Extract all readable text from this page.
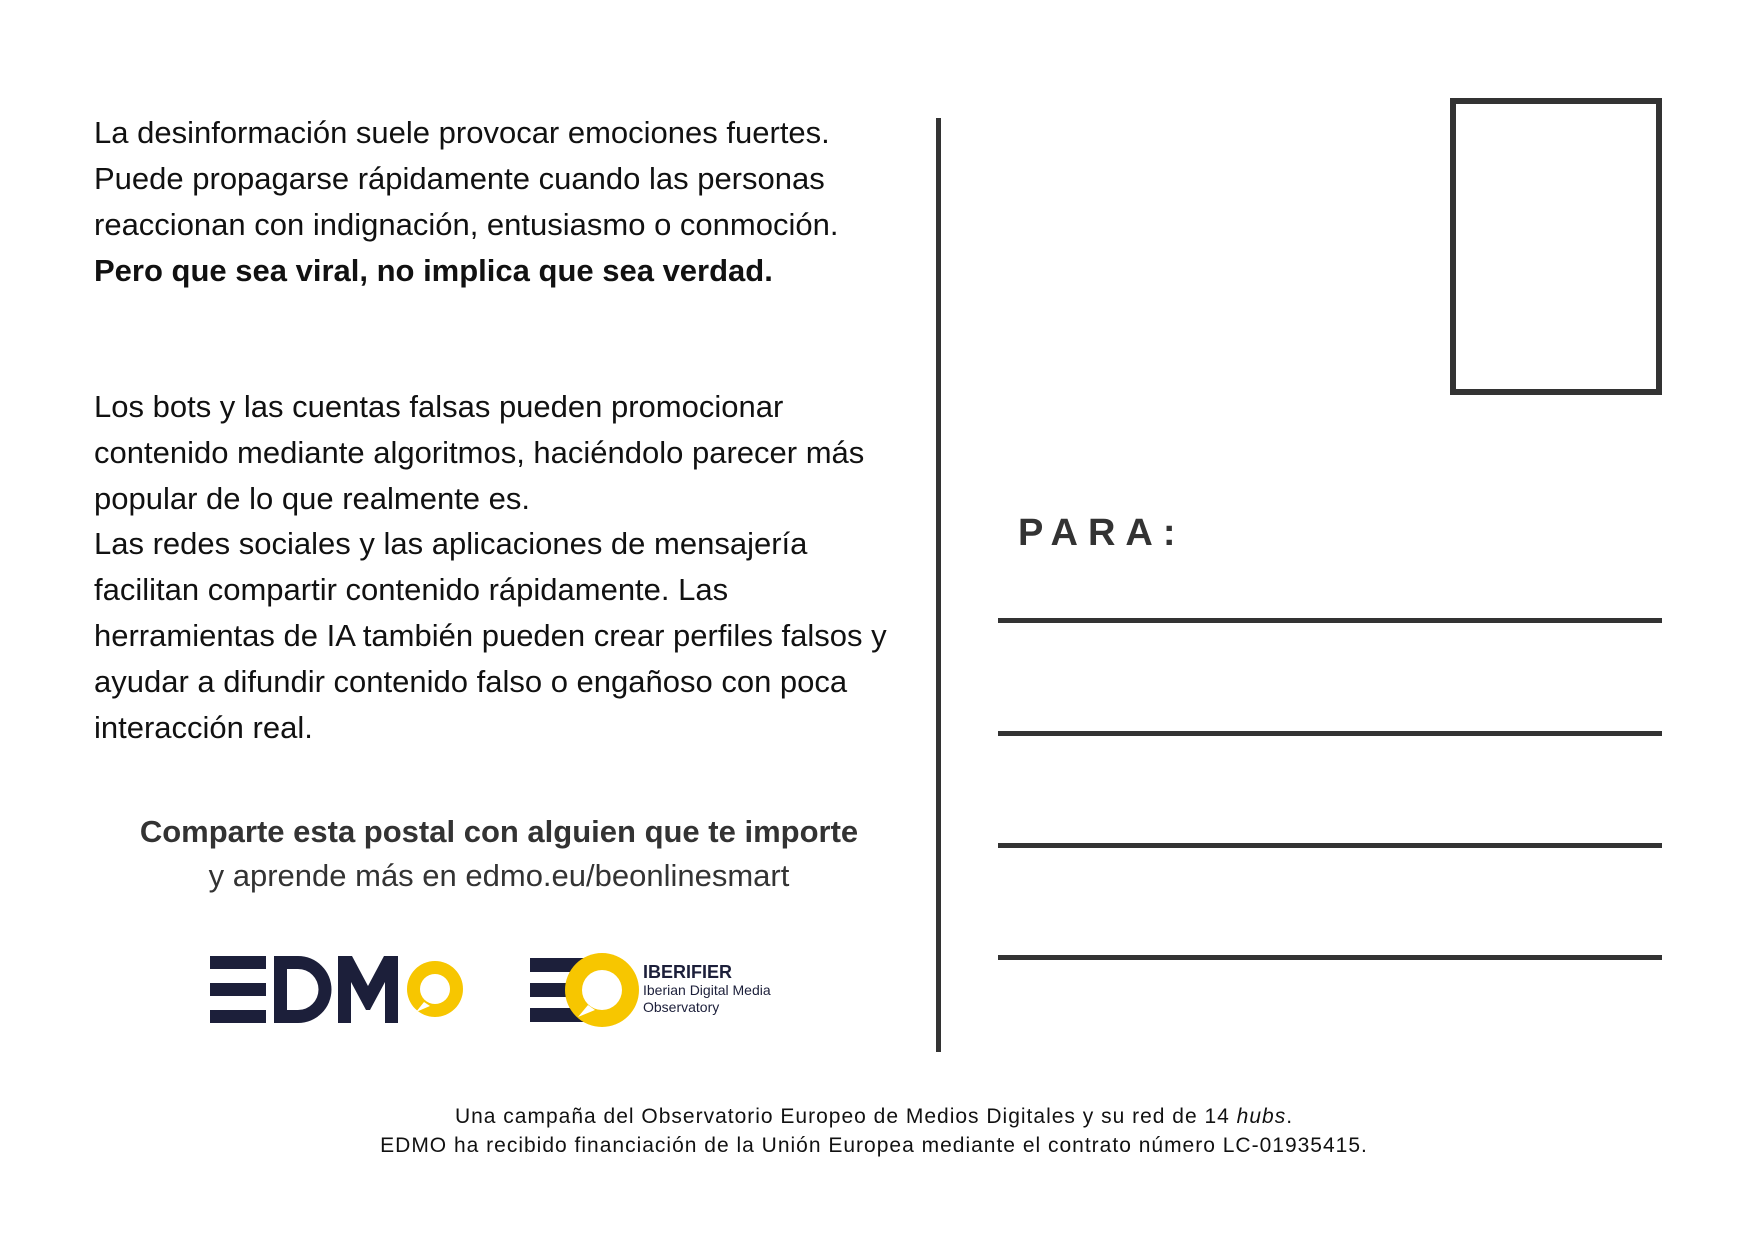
La desinformación suele provocar emociones fuertes. Puede propagarse rápidamente cuando las personas reaccionan con indignación, entusiasmo o conmoción. Pero que sea viral, no implica que sea verdad.
Los bots y las cuentas falsas pueden promocionar contenido mediante algoritmos, haciéndolo parecer más popular de lo que realmente es.
Las redes sociales y las aplicaciones de mensajería facilitan compartir contenido rápidamente. Las herramientas de IA también pueden crear perfiles falsos y ayudar a difundir contenido falso o engañoso con poca interacción real.
Comparte esta postal con alguien que te importe
y aprende más en edmo.eu/beonlinesmart
PARA:
IBERIFIER
Iberian Digital Media
Observatory
Una campaña del Observatorio Europeo de Medios Digitales y su red de 14 hubs.
EDMO ha recibido financiación de la Unión Europea mediante el contrato número LC-01935415.
